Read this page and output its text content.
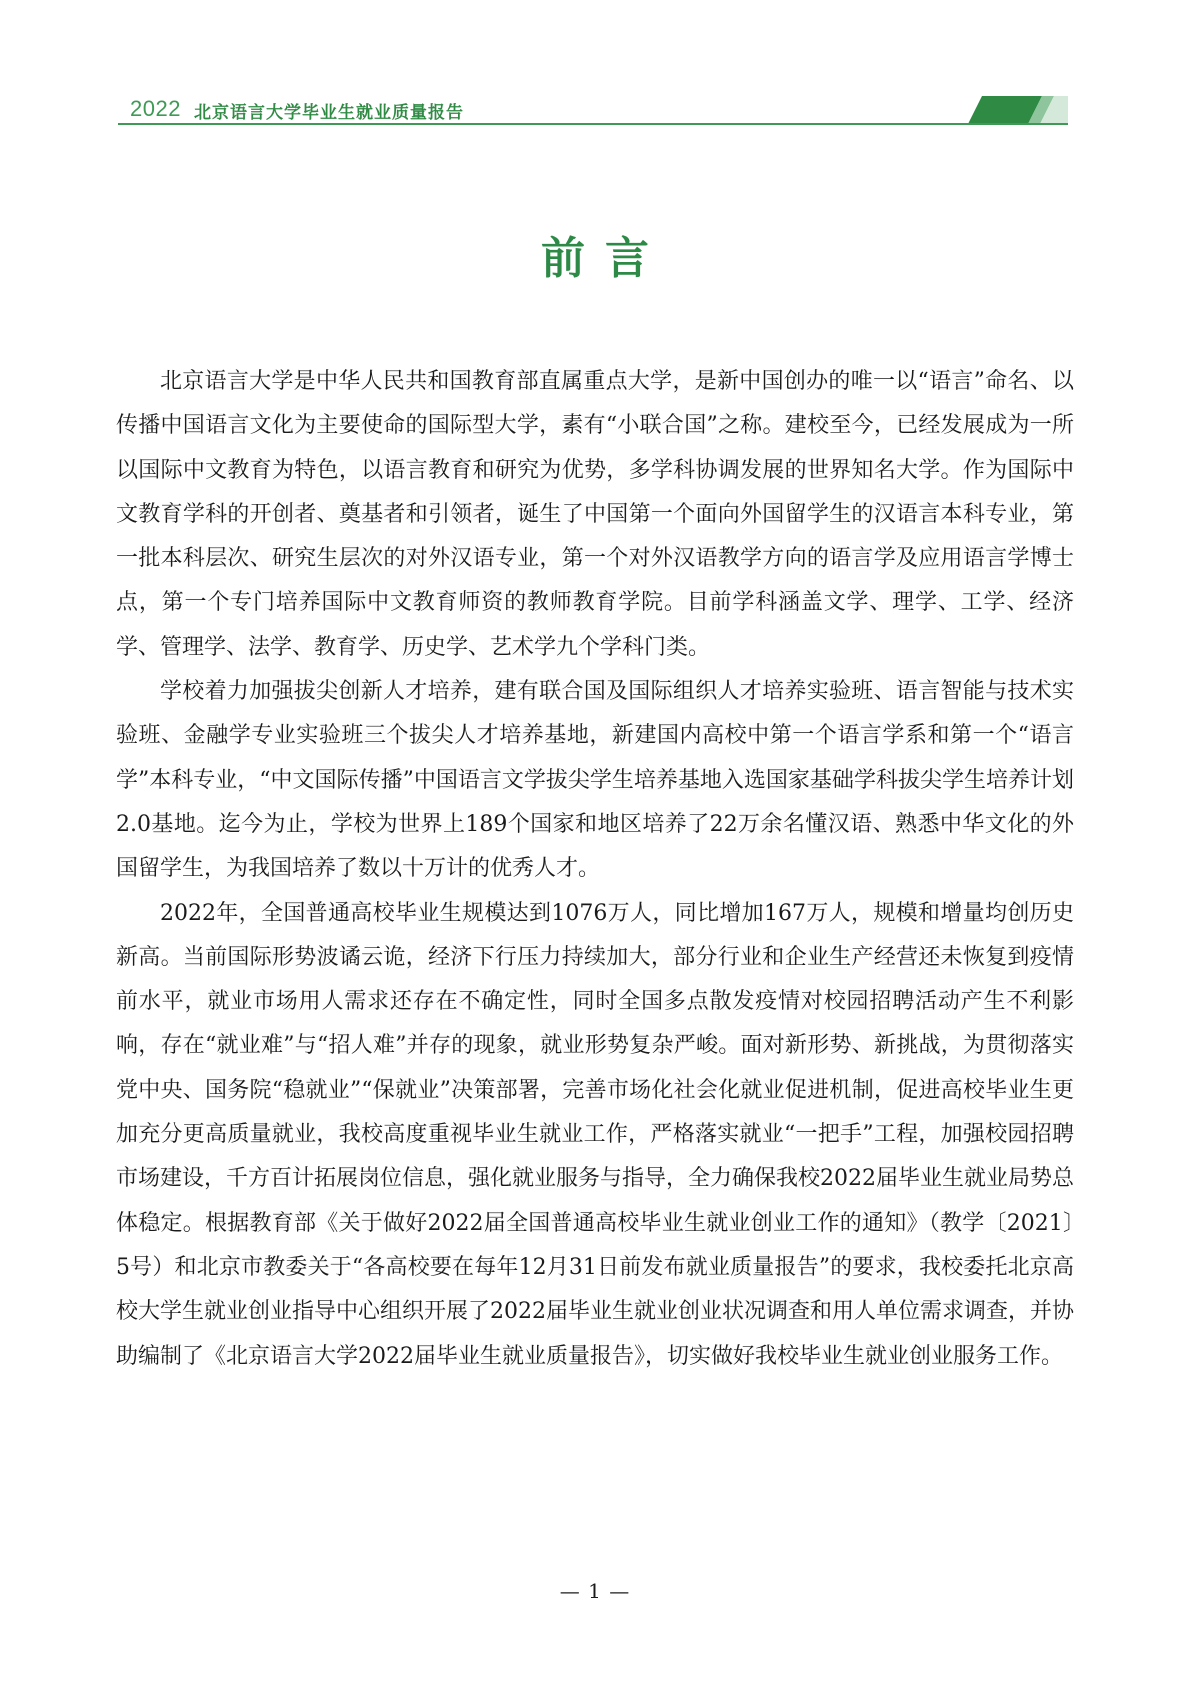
2022 北京语言大学毕业生就业质量报告
前言

北京语言大学是中华人民共和国教育部直属重点大学，是新中国创办的唯一以“语言”命名、以传播中国语言文化为主要使命的国际型大学，素有“小联合国”之称。建校至今，已经发展成为一所以国际中文教育为特色，以语言教育和研究为优势，多学科协调发展的世界知名大学。作为国际中文教育学科的开创者、奠基者和引领者，诞生了中国第一个面向外国留学生的汉语言本科专业，第一批本科层次、研究生层次的对外汉语专业，第一个对外汉语教学方向的语言学及应用语言学博士点，第一个专门培养国际中文教育师资的教师教育学院。目前学科涵盖文学、理学、工学、经济学、管理学、法学、教育学、历史学、艺术学九个学科门类。

学校着力加强拔尖创新人才培养，建有联合国及国际组织人才培养实验班、语言智能与技术实验班、金融学专业实验班三个拔尖人才培养基地，新建国内高校中第一个语言学系和第一个“语言学”本科专业，“中文国际传播”中国语言文学拔尖学生培养基地入选国家基础学科拔尖学生培养计划2.0基地。迄今为止，学校为世界上189个国家和地区培养了22万余名懂汉语、熟悉中华文化的外国留学生，为我国培养了数以十万计的优秀人才。

2022年，全国普通高校毕业生规模达到1076万人，同比增加167万人，规模和增量均创历史新高。当前国际形势波谲云诡，经济下行压力持续加大，部分行业和企业生产经营还未恢复到疫情前水平，就业市场用人需求还存在不确定性，同时全国多点散发疫情对校园招聘活动产生不利影响，存在“就业难”与“招人难”并存的现象，就业形势复杂严峻。面对新形势、新挑战，为贯彻落实党中央、国务院“稳就业”“保就业”决策部署，完善市场化社会化就业促进机制，促进高校毕业生更加充分更高质量就业，我校高度重视毕业生就业工作，严格落实就业“一把手”工程，加强校园招聘市场建设，千方百计拓展岗位信息，强化就业服务与指导，全力确保我校2022届毕业生就业局势总体稳定。根据教育部《关于做好2022届全国普通高校毕业生就业创业工作的通知》（教学〔2021〕5号）和北京市教委关于“各高校要在每年12月31日前发布就业质量报告”的要求，我校委托北京高校大学生就业创业指导中心组织开展了2022届毕业生就业创业状况调查和用人单位需求调查，并协助编制了《北京语言大学2022届毕业生就业质量报告》，切实做好我校毕业生就业创业服务工作。

— 1 —
